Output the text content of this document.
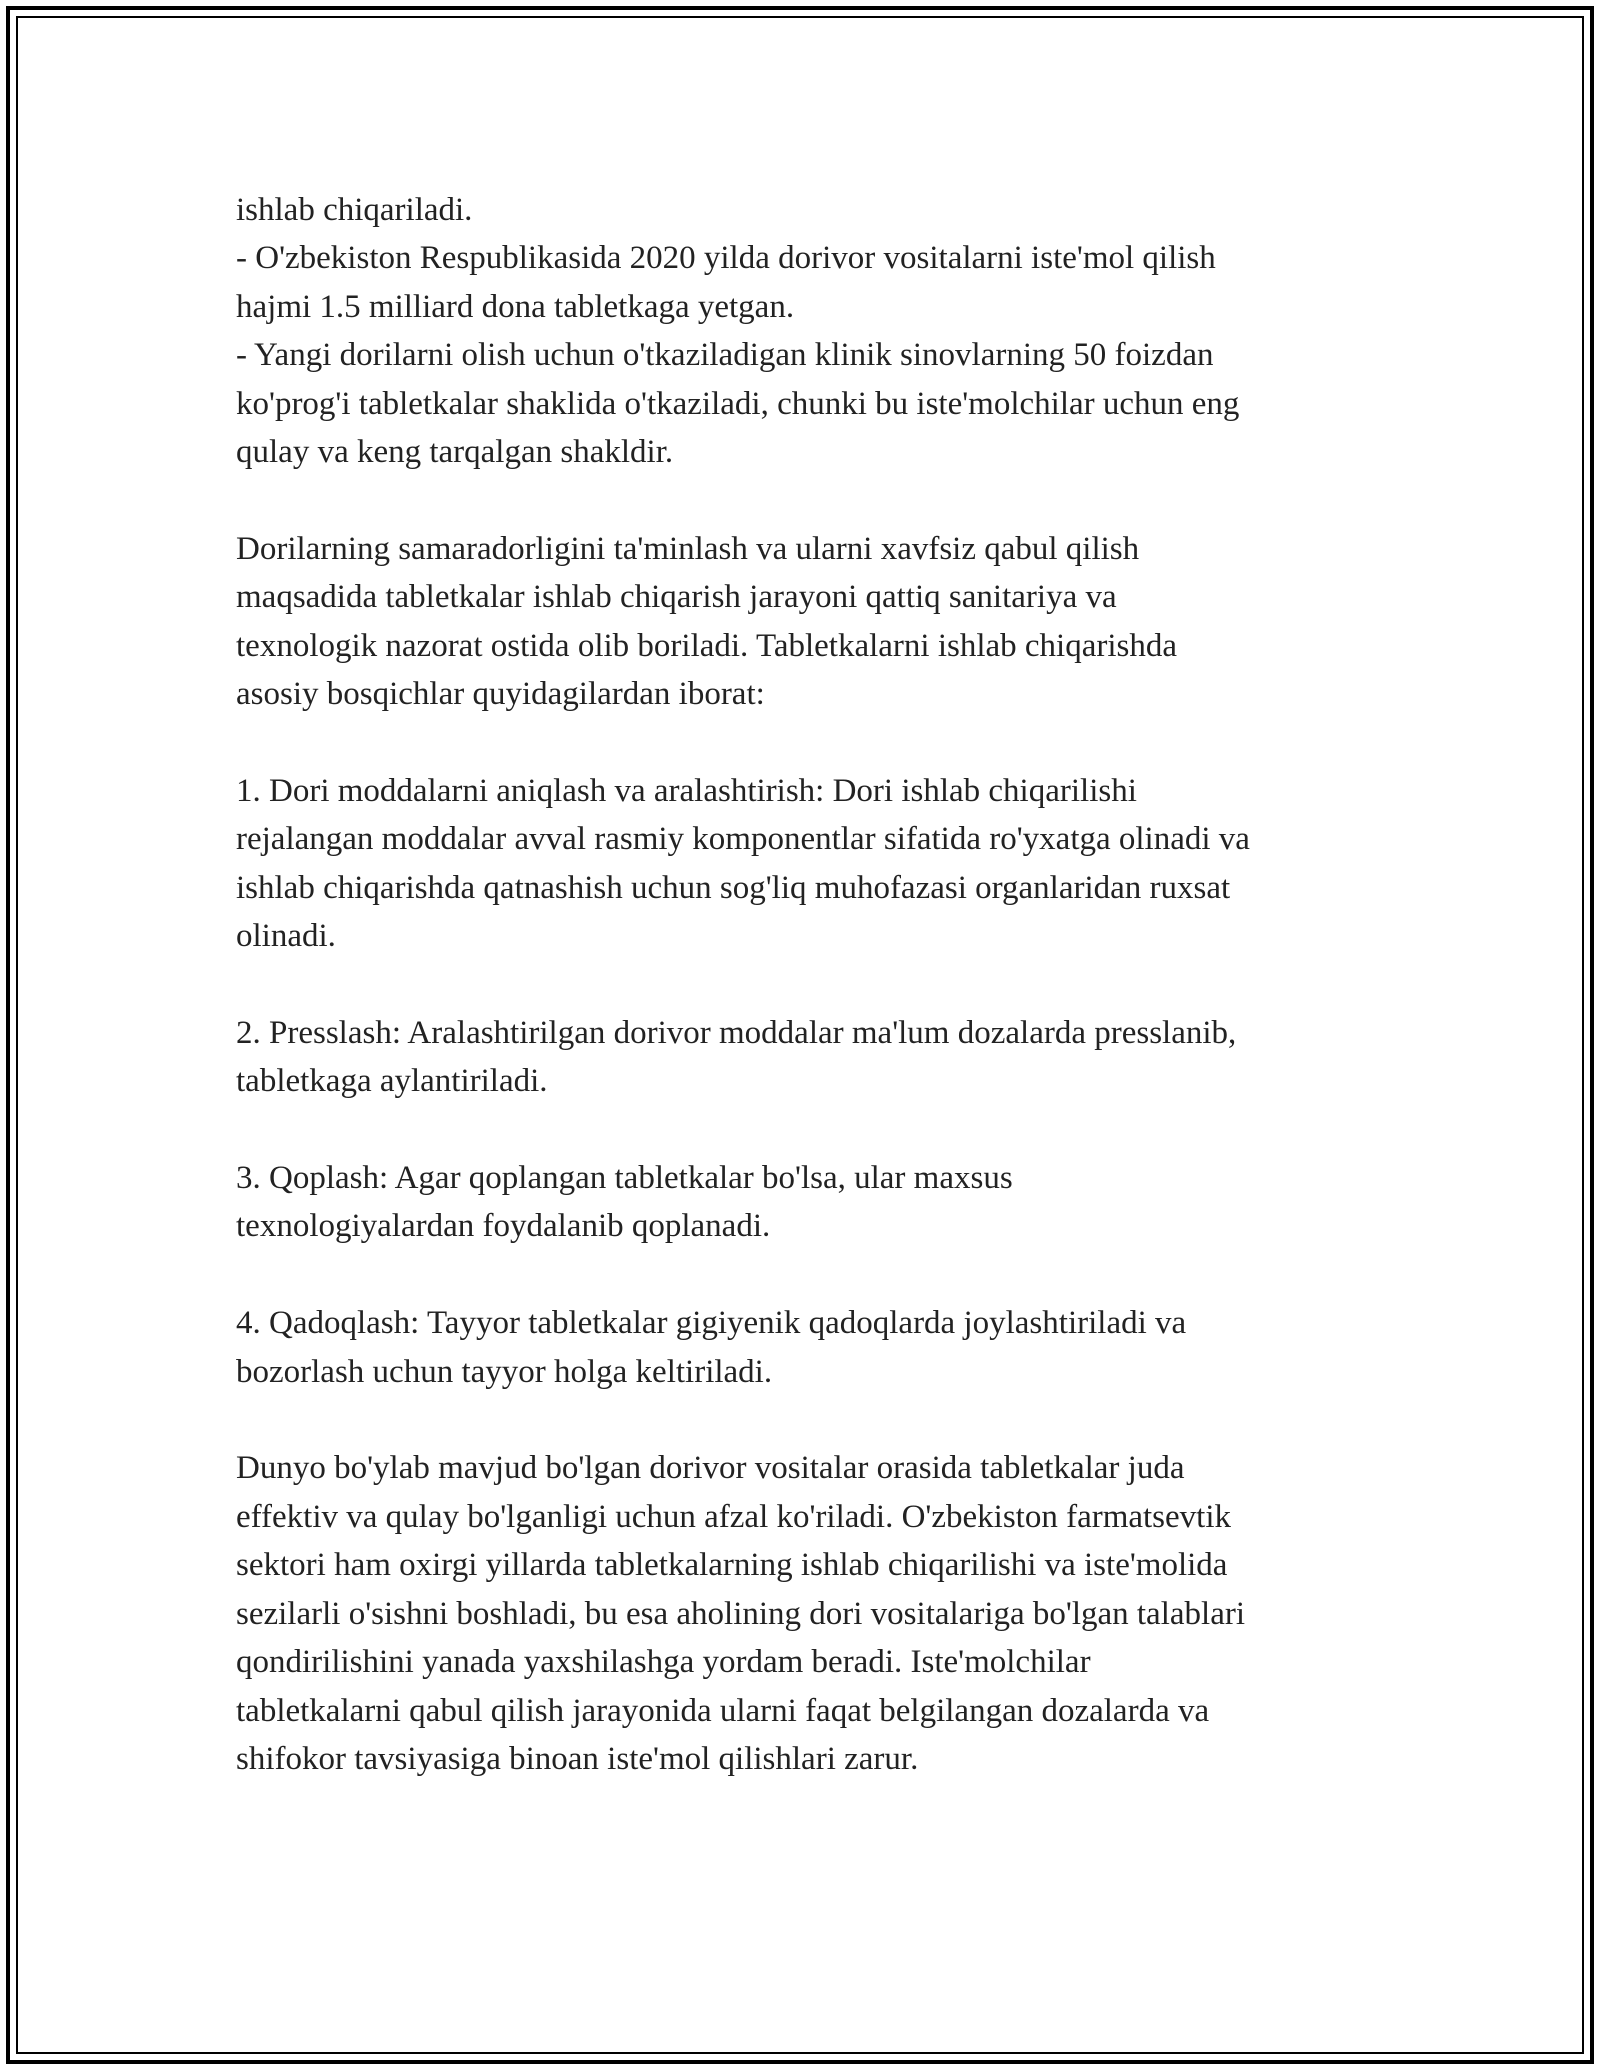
ishlab chiqariladi.

- O'zbekiston Respublikasida 2020 yilda dorivor vositalarni iste'mol qilish

hajmi 1.5 milliard dona tabletkaga yetgan.

- Yangi dorilarni olish uchun o'tkaziladigan klinik sinovlarning 50 foizdan

ko'prog'i tabletkalar shaklida o'tkaziladi, chunki bu iste'molchilar uchun eng

qulay va keng tarqalgan shakldir.

Dorilarning samaradorligini ta'minlash va ularni xavfsiz qabul qilish

maqsadida tabletkalar ishlab chiqarish jarayoni qattiq sanitariya va

texnologik nazorat ostida olib boriladi. Tabletkalarni ishlab chiqarishda

asosiy bosqichlar quyidagilardan iborat:

1. Dori moddalarni aniqlash va aralashtirish: Dori ishlab chiqarilishi

rejalangan moddalar avval rasmiy komponentlar sifatida ro'yxatga olinadi va

ishlab chiqarishda qatnashish uchun sog'liq muhofazasi organlaridan ruxsat

olinadi.

2. Presslash: Aralashtirilgan dorivor moddalar ma'lum dozalarda presslanib,

tabletkaga aylantiriladi.

3. Qoplash: Agar qoplangan tabletkalar bo'lsa, ular maxsus

texnologiyalardan foydalanib qoplanadi.

4. Qadoqlash: Tayyor tabletkalar gigiyenik qadoqlarda joylashtiriladi va

bozorlash uchun tayyor holga keltiriladi.

Dunyo bo'ylab mavjud bo'lgan dorivor vositalar orasida tabletkalar juda

effektiv va qulay bo'lganligi uchun afzal ko'riladi. O'zbekiston farmatsevtik

sektori ham oxirgi yillarda tabletkalarning ishlab chiqarilishi va iste'molida

sezilarli o'sishni boshladi, bu esa aholining dori vositalariga bo'lgan talablari

qondirilishini yanada yaxshilashga yordam beradi. Iste'molchilar

tabletkalarni qabul qilish jarayonida ularni faqat belgilangan dozalarda va

shifokor tavsiyasiga binoan iste'mol qilishlari zarur.
